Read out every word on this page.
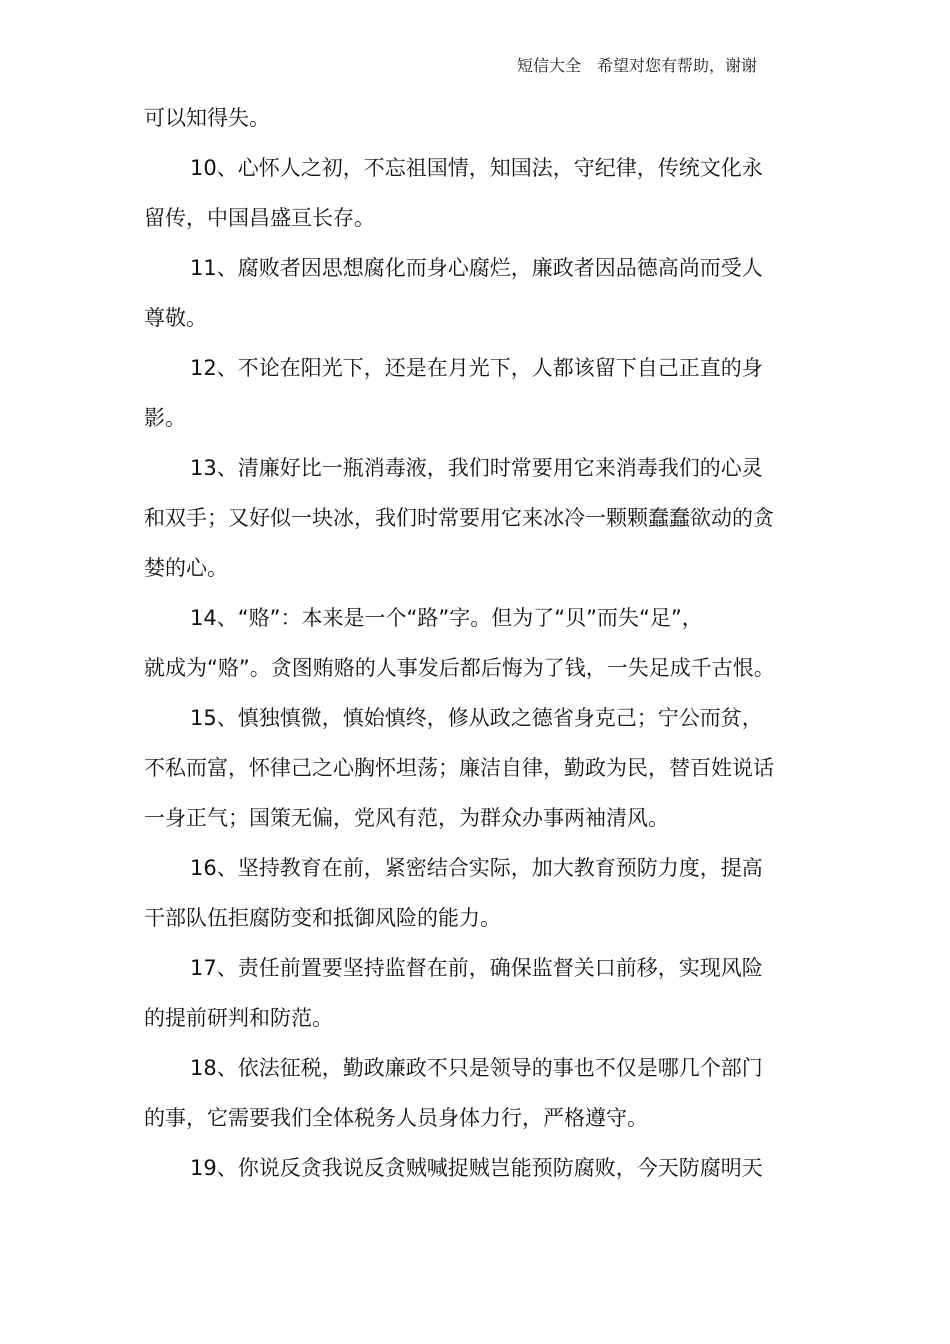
短信大全　希望对您有帮助，谢谢
可以知得失。
10、心怀人之初，不忘祖国情，知国法，守纪律，传统文化永
留传，中国昌盛亘长存。
11、腐败者因思想腐化而身心腐烂，廉政者因品德高尚而受人
尊敬。
12、不论在阳光下，还是在月光下，人都该留下自己正直的身
影。
13、清廉好比一瓶消毒液，我们时常要用它来消毒我们的心灵
和双手；又好似一块冰，我们时常要用它来冰冷一颗颗蠢蠢欲动的贪
婪的心。
14、“赂”：本来是一个“路”字。但为了“贝”而失“足”，
就成为“赂”。贪图贿赂的人事发后都后悔为了钱，一失足成千古恨。
15、慎独慎微，慎始慎终，修从政之德省身克己；宁公而贫，
不私而富，怀律己之心胸怀坦荡；廉洁自律，勤政为民，替百姓说话
一身正气；国策无偏，党风有范，为群众办事两袖清风。
16、坚持教育在前，紧密结合实际，加大教育预防力度，提高
干部队伍拒腐防变和抵御风险的能力。
17、责任前置要坚持监督在前，确保监督关口前移，实现风险
的提前研判和防范。
18、依法征税，勤政廉政不只是领导的事也不仅是哪几个部门
的事，它需要我们全体税务人员身体力行，严格遵守。
19、你说反贪我说反贪贼喊捉贼岂能预防腐败，今天防腐明天
